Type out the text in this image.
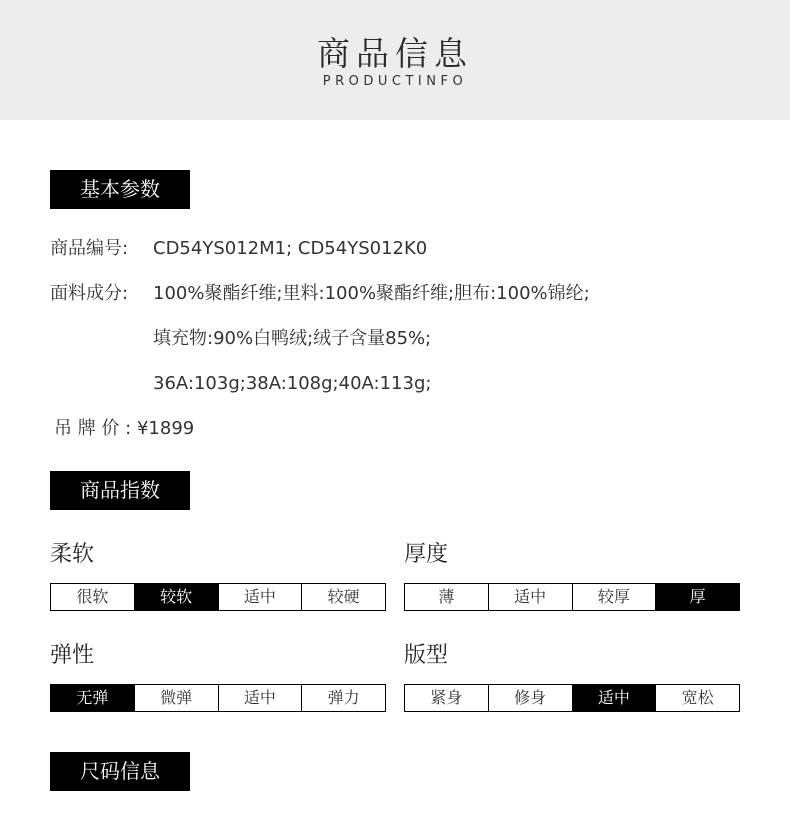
商品信息
PRODUCTINFO
基本参数
商品编号: CD54YS012M1; CD54YS012K0
面料成分: 100%聚酯纤维;里料:100%聚酯纤维;胆布:100%锦纶;
填充物:90%白鸭绒;绒子含量85%;
36A:103g;38A:108g;40A:113g;
吊 牌 价 : ¥1899
商品指数
柔软
很软	较软	适中	较硬
厚度
薄	适中	较厚	厚
弹性
无弹	微弹	适中	弹力
版型
紧身	修身	适中	宽松
尺码信息
